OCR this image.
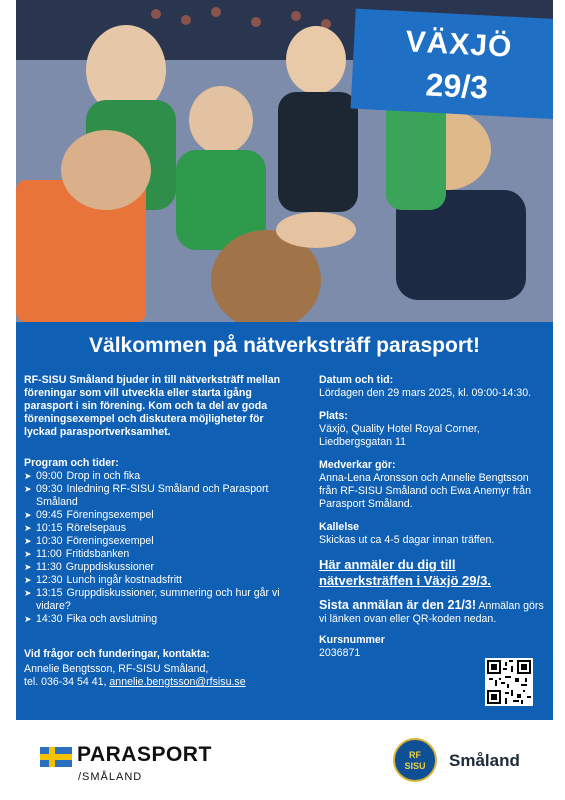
VÄXJÖ
29/3
Välkommen på nätverksträff parasport!

RF-SISU Småland bjuder in till nätverksträff mellan föreningar som vill utveckla eller starta igång parasport i sin förening. Kom och ta del av goda föreningsexempel och diskutera möjligheter för lyckad parasportverksamhet.

Program och tider:

➤ 09:00 Drop in och fika
➤ 09:30 Inledning RF-SISU Småland och Parasport Småland
➤ 09:45 Föreningsexempel
➤ 10:15 Rörelsepaus
➤ 10:30 Föreningsexempel
➤ 11:00 Fritidsbanken
➤ 11:30 Gruppdiskussioner
➤ 12:30 Lunch ingår kostnadsfritt
➤ 13:15 Gruppdiskussioner, summering och hur går vi vidare?
➤ 14:30 Fika och avslutning

Vid frågor och funderingar, kontakta:

Annelie Bengtsson, RF-SISU Småland,
tel. 036-34 54 41, annelie.bengtsson@rfsisu.se

Datum och tid:

Lördagen den 29 mars 2025, kl. 09:00-14:30.

Plats:

Växjö, Quality Hotel Royal Corner,

Liedbergsgatan 11

Medverkar gör:

Anna-Lena Aronsson och Annelie Bengtsson från RF-SISU Småland och Ewa Anemyr från Parasport Småland.

Kallelse

Skickas ut ca 4-5 dagar innan träffen.

Här anmäler du dig till nätverksträffen i Växjö 29/3.

Sista anmälan är den 21/3! Anmälan görs vi länken ovan eller QR-koden nedan.

Kursnummer

2036871

PARASPORT
/SMÅLAND
RF
SISU	Småland
